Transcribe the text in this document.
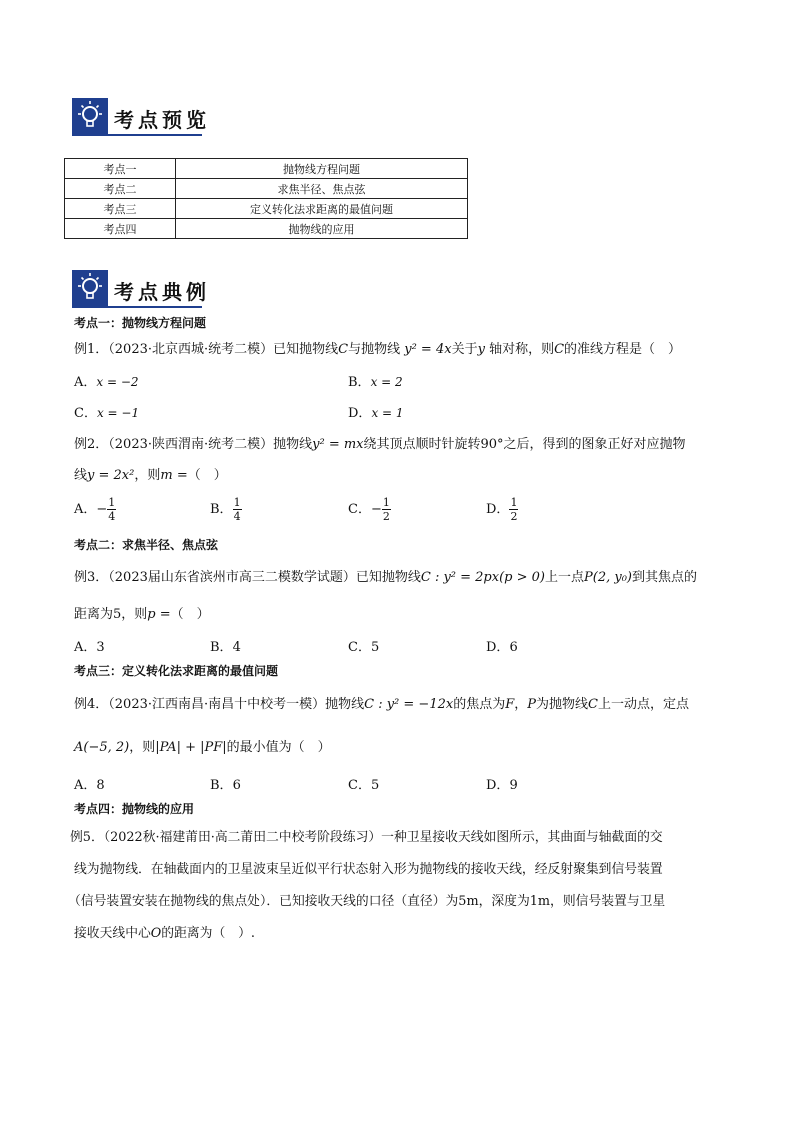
考点预览
考点一	抛物线方程问题
考点二	求焦半径、焦点弦
考点三	定义转化法求距离的最值问题
考点四	抛物线的应用
考点典例
考点一：抛物线方程问题
例1．（2023·北京西城·统考二模）已知抛物线C与抛物线 y² = 4x关于y 轴对称，则C的准线方程是（　）
A．x = −2	B．x = 2
C．x = −1	D．x = 1
例2．（2023·陕西渭南·统考二模）抛物线y² = mx绕其顶点顺时针旋转90°之后，得到的图象正好对应抛物
线y = 2x²，则m =（　）
A．− $\frac{1}{4}$	B． $\frac{1}{4}$	C．− $\frac{1}{2}$	D． $\frac{1}{2}$
考点二：求焦半径、焦点弦
例3．（2023届山东省滨州市高三二模数学试题）已知抛物线C : y² = 2px(p > 0)上一点P(2, y₀)到其焦点的
距离为5，则p =（　）
A．3	B．4	C．5	D．6
考点三：定义转化法求距离的最值问题
例4．（2023·江西南昌·南昌十中校考一模）抛物线C : y² = −12x的焦点为F，P为抛物线C上一动点，定点
A(−5, 2)，则|PA| + |PF|的最小值为（　）
A．8	B．6	C．5	D．9
考点四：抛物线的应用
例5．（2022秋·福建莆田·高二莆田二中校考阶段练习）一种卫星接收天线如图所示，其曲面与轴截面的交
线为抛物线．在轴截面内的卫星波束呈近似平行状态射入形为抛物线的接收天线，经反射聚集到信号装置
（信号装置安装在抛物线的焦点处）．已知接收天线的口径（直径）为5m，深度为1m，则信号装置与卫星
接收天线中心O的距离为（　）.
